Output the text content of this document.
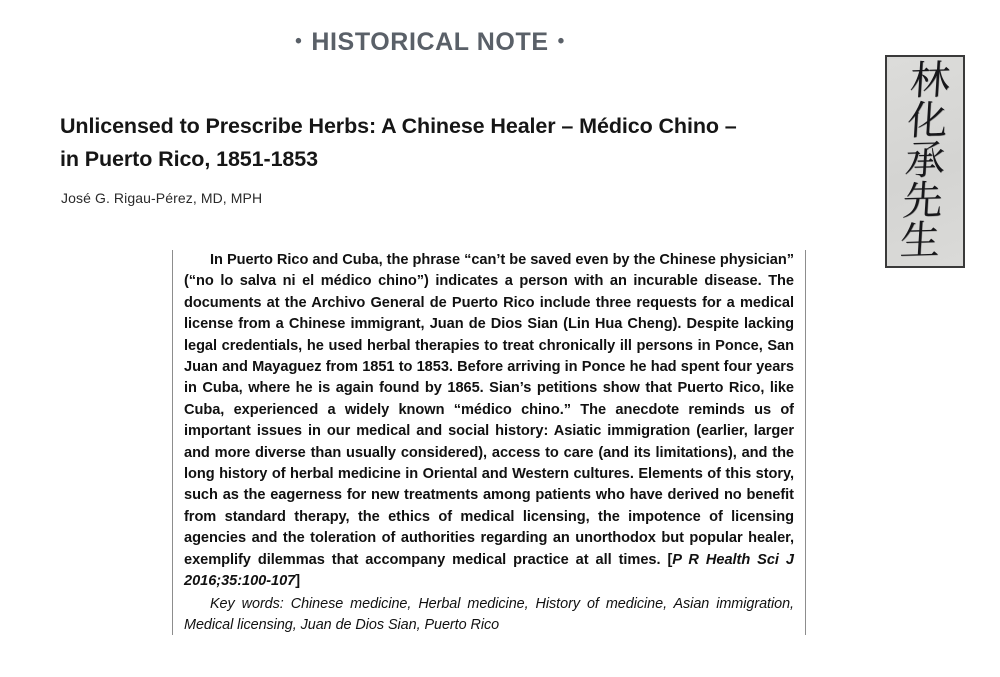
• HISTORICAL NOTE •
Unlicensed to Prescribe Herbs: A Chinese Healer – Médico Chino – in Puerto Rico, 1851-1853
José G. Rigau-Pérez, MD, MPH

In Puerto Rico and Cuba, the phrase “can’t be saved even by the Chinese physician” (“no lo salva ni el médico chino”) indicates a person with an incurable disease. The documents at the Archivo General de Puerto Rico include three requests for a medical license from a Chinese immigrant, Juan de Dios Sian (Lin Hua Cheng). Despite lacking legal credentials, he used herbal therapies to treat chronically ill persons in Ponce, San Juan and Mayaguez from 1851 to 1853. Before arriving in Ponce he had spent four years in Cuba, where he is again found by 1865. Sian’s petitions show that Puerto Rico, like Cuba, experienced a widely known “médico chino.” The anecdote reminds us of important issues in our medical and social history: Asiatic immigration (earlier, larger and more diverse than usually considered), access to care (and its limitations), and the long history of herbal medicine in Oriental and Western cultures. Elements of this story, such as the eagerness for new treatments among patients who have derived no benefit from standard therapy, the ethics of medical licensing, the impotence of licensing agencies and the toleration of authorities regarding an unorthodox but popular healer, exemplify dilemmas that accompany medical practice at all times. [P R Health Sci J 2016;35:100-107]

Key words: Chinese medicine, Herbal medicine, History of medicine, Asian immigration, Medical licensing, Juan de Dios Sian, Puerto Rico

林
化
承
先
生
